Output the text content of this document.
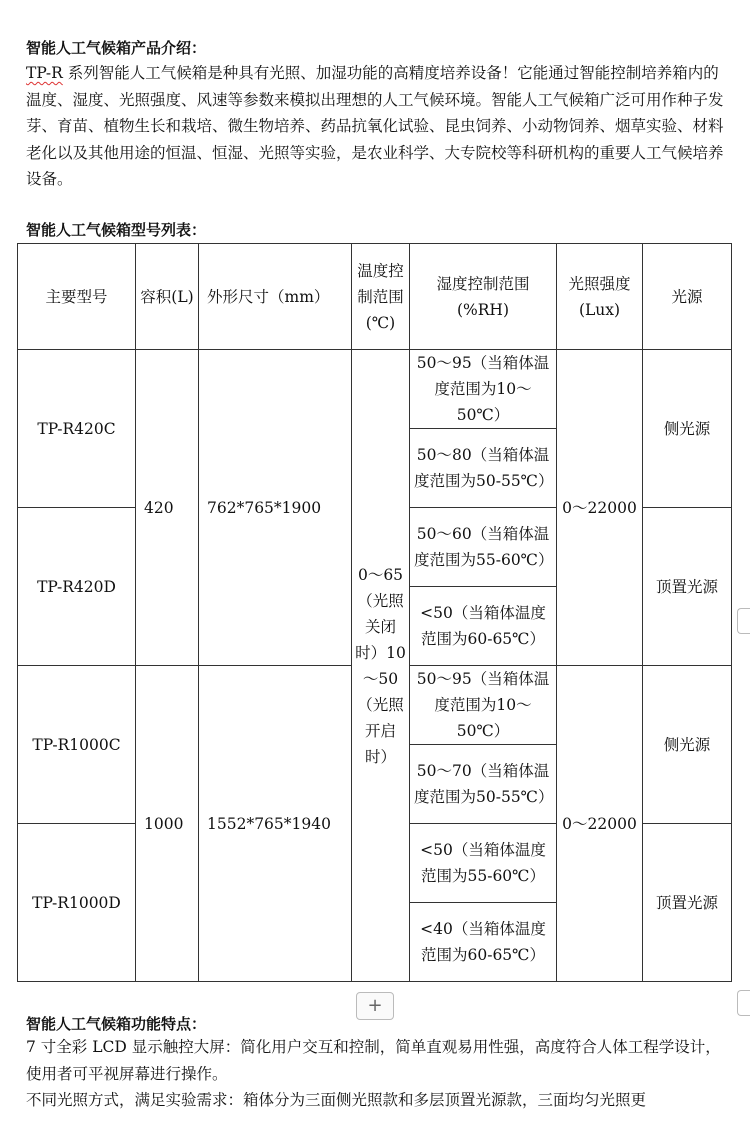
智能人工气候箱产品介绍：
TP-R 系列智能人工气候箱是种具有光照、加湿功能的高精度培养设备！它能通过智能控制培养箱内的温度、湿度、光照强度、风速等参数来模拟出理想的人工气候环境。智能人工气候箱广泛可用作种子发芽、育苗、植物生长和栽培、微生物培养、药品抗氧化试验、昆虫饲养、小动物饲养、烟草实验、材料老化以及其他用途的恒温、恒湿、光照等实验，是农业科学、大专院校等科研机构的重要人工气候培养设备。
智能人工气候箱型号列表：
主要型号	容积(L)	外形尺寸（mm）	温度控制范围(℃)	湿度控制范围(%RH)	光照强度(Lux)	光源
TP-R420C	420	762*765*1900	0～65（光照关闭时）10～50（光照开启时）	50～95（当箱体温度范围为10～50℃）	0～22000	侧光源
				50～80（当箱体温度范围为50-55℃）		
TP-R420D				50～60（当箱体温度范围为55-60℃）		顶置光源
				<50（当箱体温度范围为60-65℃）		
TP-R1000C	1000	1552*765*1940		50～95（当箱体温度范围为10～50℃）	0～22000	侧光源
				50～70（当箱体温度范围为50-55℃）		
TP-R1000D				<50（当箱体温度范围为55-60℃）		顶置光源
				<40（当箱体温度范围为60-65℃）		
+
智能人工气候箱功能特点：
7 寸全彩 LCD 显示触控大屏：简化用户交互和控制，简单直观易用性强，高度符合人体工程学设计，使用者可平视屏幕进行操作。
不同光照方式，满足实验需求：箱体分为三面侧光照款和多层顶置光源款，三面均匀光照更
